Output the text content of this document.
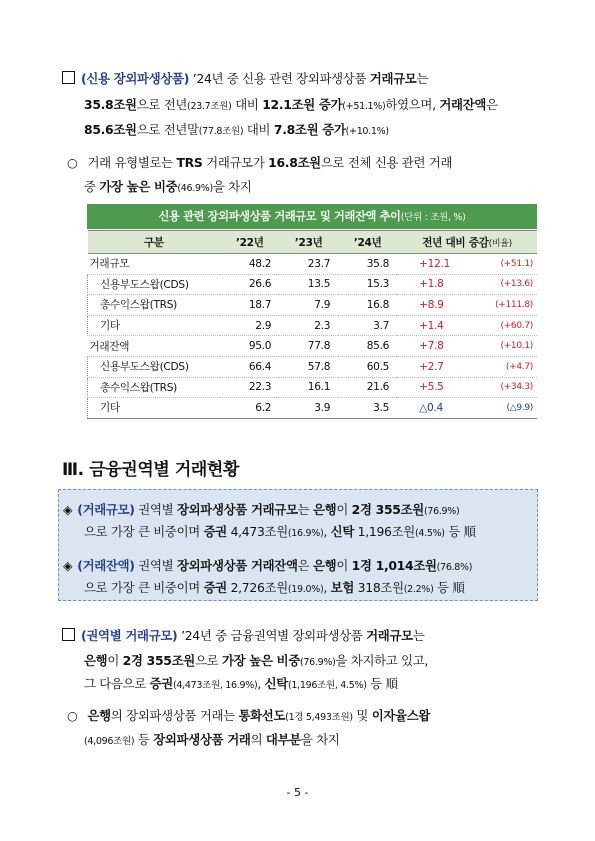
(신용 장외파생상품) ’24년 중 신용 관련 장외파생상품 거래규모는
35.8조원으로 전년(23.7조원) 대비 12.1조원 증가(+51.1%)하였으며, 거래잔액은
85.6조원으로 전년말(77.8조원) 대비 7.8조원 증가(+10.1%)
○ 거래 유형별로는 TRS 거래규모가 16.8조원으로 전체 신용 관련 거래
중 가장 높은 비중(46.9%)을 차지
신용 관련 장외파생상품 거래규모 및 거래잔액 추이(단위 : 조원, %)
구분	’22년	’23년	’24년	전년 대비 증감(비율)
거래규모	48.2	23.7	35.8	+12.1 (+51.1)

신용부도스왑(CDS)	26.6	13.5	15.3	+1.8 (+13.6)

총수익스왑(TRS)	18.7	7.9	16.8	+8.9 (+111.8)

기타	2.9	2.3	3.7	+1.4 (+60.7)

거래잔액	95.0	77.8	85.6	+7.8 (+10.1)

신용부도스왑(CDS)	66.4	57.8	60.5	+2.7 (+4.7)

총수익스왑(TRS)	22.3	16.1	21.6	+5.5 (+34.3)

기타	6.2	3.9	3.5	△0.4 (△9.9)
Ⅲ. 금융권역별 거래현황
◈ (거래규모) 권역별 장외파생상품 거래규모는 은행이 2경 355조원(76.9%)
으로 가장 큰 비중이며 증권 4,473조원(16.9%), 신탁 1,196조원(4.5%) 등 順
◈ (거래잔액) 권역별 장외파생상품 거래잔액은 은행이 1경 1,014조원(76.8%)
으로 가장 큰 비중이며 증권 2,726조원(19.0%), 보험 318조원(2.2%) 등 順
(권역별 거래규모) ’24년 중 금융권역별 장외파생상품 거래규모는
은행이 2경 355조원으로 가장 높은 비중(76.9%)을 차지하고 있고,
그 다음으로 증권(4,473조원, 16.9%), 신탁(1,196조원, 4.5%) 등 順
○ 은행의 장외파생상품 거래는 통화선도(1경 5,493조원) 및 이자율스왑
(4,096조원) 등 장외파생상품 거래의 대부분을 차지
- 5 -
